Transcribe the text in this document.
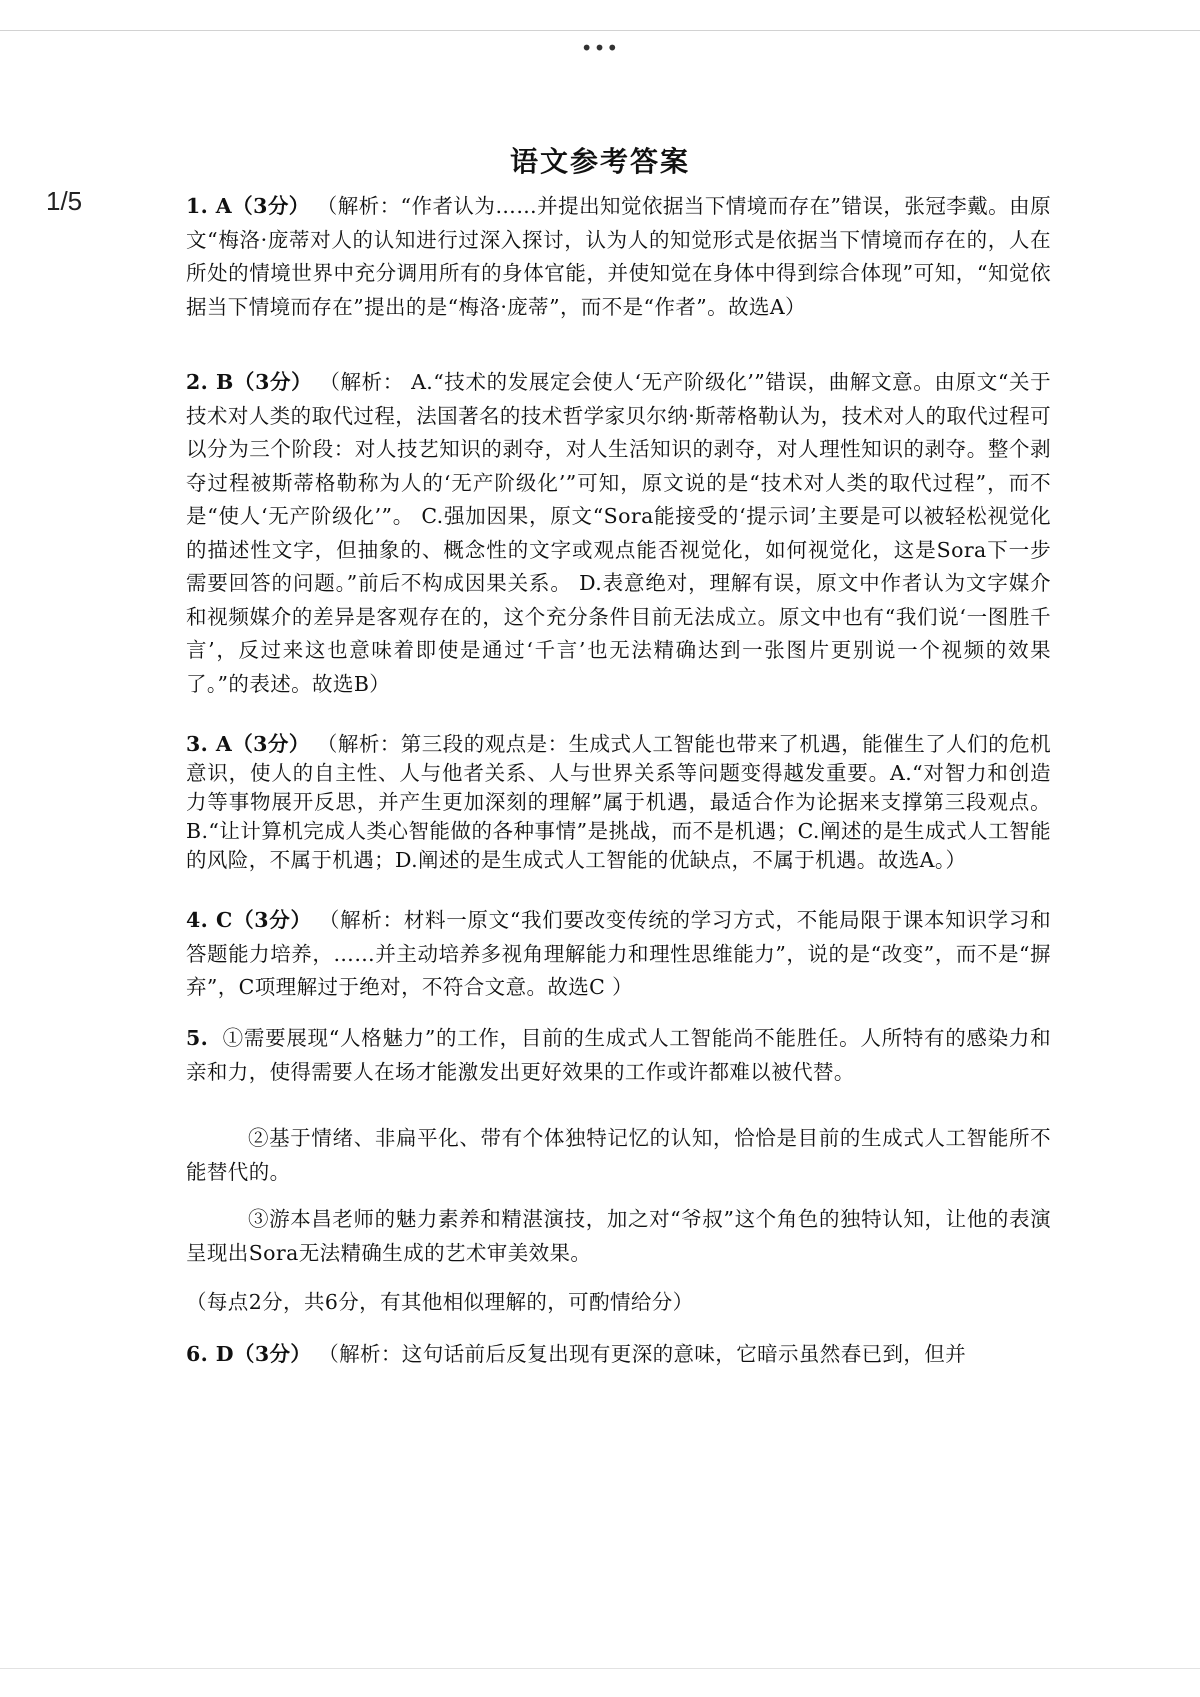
•••
1/5
语文参考答案

1. A（3分） （解析：“作者认为……并提出知觉依据当下情境而存在”错误，张冠李戴。由原文“梅洛·庞蒂对人的认知进行过深入探讨，认为人的知觉形式是依据当下情境而存在的，人在所处的情境世界中充分调用所有的身体官能，并使知觉在身体中得到综合体现”可知，“知觉依据当下情境而存在”提出的是“梅洛·庞蒂”，而不是“作者”。故选A）

2. B（3分） （解析： A.“技术的发展定会使人‘无产阶级化’”错误，曲解文意。由原文“关于技术对人类的取代过程，法国著名的技术哲学家贝尔纳·斯蒂格勒认为，技术对人的取代过程可以分为三个阶段：对人技艺知识的剥夺，对人生活知识的剥夺，对人理性知识的剥夺。整个剥夺过程被斯蒂格勒称为人的‘无产阶级化’”可知，原文说的是“技术对人类的取代过程”，而不是“使人‘无产阶级化’”。 C.强加因果，原文“Sora能接受的‘提示词’主要是可以被轻松视觉化的描述性文字，但抽象的、概念性的文字或观点能否视觉化，如何视觉化，这是Sora下一步需要回答的问题。”前后不构成因果关系。 D.表意绝对，理解有误，原文中作者认为文字媒介和视频媒介的差异是客观存在的，这个充分条件目前无法成立。原文中也有“我们说‘一图胜千言’，反过来这也意味着即使是通过‘千言’也无法精确达到一张图片更别说一个视频的效果了。”的表述。故选B）

3. A（3分） （解析：第三段的观点是：生成式人工智能也带来了机遇，能催生了人们的危机意识，使人的自主性、人与他者关系、人与世界关系等问题变得越发重要。A.“对智力和创造力等事物展开反思，并产生更加深刻的理解”属于机遇，最适合作为论据来支撑第三段观点。B.“让计算机完成人类心智能做的各种事情”是挑战，而不是机遇；C.阐述的是生成式人工智能的风险，不属于机遇；D.阐述的是生成式人工智能的优缺点，不属于机遇。故选A。）

4. C（3分） （解析：材料一原文“我们要改变传统的学习方式，不能局限于课本知识学习和答题能力培养，……并主动培养多视角理解能力和理性思维能力”，说的是“改变”，而不是“摒弃”，C项理解过于绝对，不符合文意。故选C ）

5. ①需要展现“人格魅力”的工作，目前的生成式人工智能尚不能胜任。人所特有的感染力和亲和力，使得需要人在场才能激发出更好效果的工作或许都难以被代替。

②基于情绪、非扁平化、带有个体独特记忆的认知，恰恰是目前的生成式人工智能所不能替代的。

③游本昌老师的魅力素养和精湛演技，加之对“爷叔”这个角色的独特认知，让他的表演呈现出Sora无法精确生成的艺术审美效果。

（每点2分，共6分，有其他相似理解的，可酌情给分）

6. D（3分） （解析：这句话前后反复出现有更深的意味，它暗示虽然春已到，但并
